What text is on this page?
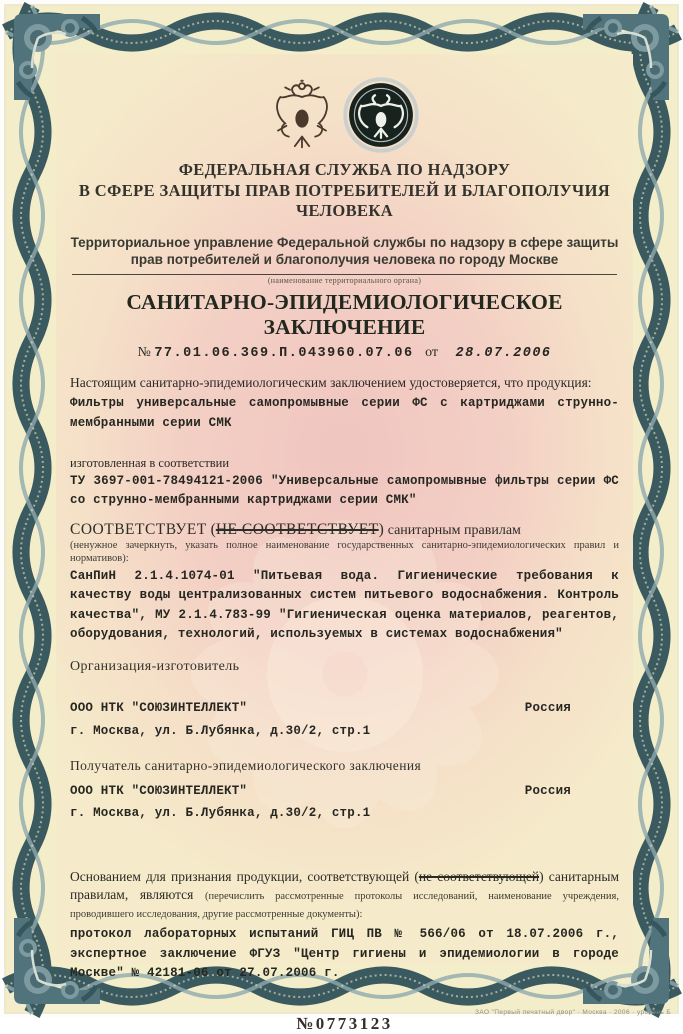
ФЕДЕРАЛЬНАЯ СЛУЖБА ПО НАДЗОРУ
В СФЕРЕ ЗАЩИТЫ ПРАВ ПОТРЕБИТЕЛЕЙ И БЛАГОПОЛУЧИЯ ЧЕЛОВЕКА
Территориальное управление Федеральной службы по надзору в сфере защиты прав потребителей и благополучия человека по городу Москве
(наименование территориального органа)
САНИТАРНО-ЭПИДЕМИОЛОГИЧЕСКОЕ ЗАКЛЮЧЕНИЕ
№ 77.01.06.369.П.043960.07.06 от 28.07.2006
Настоящим санитарно-эпидемиологическим заключением удостоверяется, что продукция:
Фильтры универсальные самопромывные серии ФС с картриджами струнно-мембранными серии СМК
изготовленная в соответствии
ТУ 3697-001-78494121-2006 "Универсальные самопромывные фильтры серии ФС со струнно-мембранными картриджами серии СМК"
СООТВЕТСТВУЕТ (НЕ СООТВЕТСТВУЕТ) санитарным правилам
(ненужное зачеркнуть, указать полное наименование государственных санитарно-эпидемиологических правил и нормативов):
СанПиН 2.1.4.1074-01 "Питьевая вода. Гигиенические требования к качеству воды централизованных систем питьевого водоснабжения. Контроль качества", МУ 2.1.4.783-99 "Гигиеническая оценка материалов, реагентов, оборудования, технологий, используемых в системах водоснабжения"
Организация-изготовитель
ООО НТК "СОЮЗИНТЕЛЛЕКТ"	Россия
г. Москва, ул. Б.Лубянка, д.30/2, стр.1
Получатель санитарно-эпидемиологического заключения
ООО НТК "СОЮЗИНТЕЛЛЕКТ"	Россия
г. Москва, ул. Б.Лубянка, д.30/2, стр.1
Основанием для признания продукции, соответствующей (не соответствующей) санитарным правилам, являются (перечислить рассмотренные протоколы исследований, наименование учреждения, проводившего исследования, другие рассмотренные документы):
протокол лабораторных испытаний ГИЦ ПВ № 566/06 от 18.07.2006 г., экспертное заключение ФГУЗ "Центр гигиены и эпидемиологии в городе Москве" № 42181-06 от 27.07.2006 г.
№0773123
ЗАО "Первый печатный двор" · Москва · 2006 · уровень Б
